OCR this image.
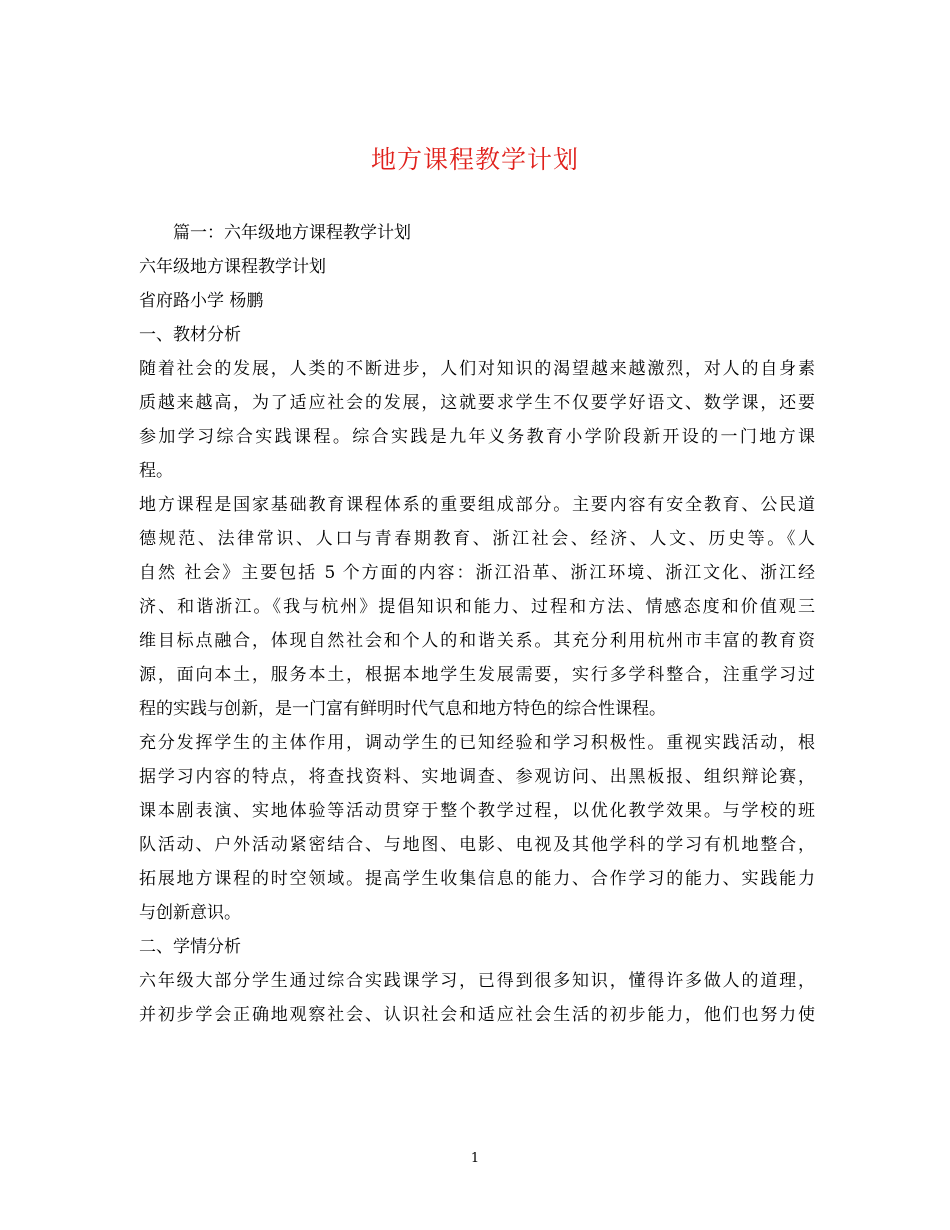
地方课程教学计划
篇一：六年级地方课程教学计划
六年级地方课程教学计划
省府路小学 杨鹏
一、教材分析
随着社会的发展，人类的不断进步，人们对知识的渴望越来越激烈，对人的自身素
质越来越高，为了适应社会的发展，这就要求学生不仅要学好语文、数学课，还要
参加学习综合实践课程。综合实践是九年义务教育小学阶段新开设的一门地方课
程。
地方课程是国家基础教育课程体系的重要组成部分。主要内容有安全教育、公民道
德规范、法律常识、人口与青春期教育、浙江社会、经济、人文、历史等。《人
自然 社会》主要包括 5 个方面的内容：浙江沿革、浙江环境、浙江文化、浙江经
济、和谐浙江。《我与杭州》提倡知识和能力、过程和方法、情感态度和价值观三
维目标点融合，体现自然社会和个人的和谐关系。其充分利用杭州市丰富的教育资
源，面向本土，服务本土，根据本地学生发展需要，实行多学科整合，注重学习过
程的实践与创新，是一门富有鲜明时代气息和地方特色的综合性课程。
充分发挥学生的主体作用，调动学生的已知经验和学习积极性。重视实践活动，根
据学习内容的特点，将查找资料、实地调查、参观访问、出黑板报、组织辩论赛，
课本剧表演、实地体验等活动贯穿于整个教学过程，以优化教学效果。与学校的班
队活动、户外活动紧密结合、与地图、电影、电视及其他学科的学习有机地整合，
拓展地方课程的时空领域。提高学生收集信息的能力、合作学习的能力、实践能力
与创新意识。
二、学情分析
六年级大部分学生通过综合实践课学习，已得到很多知识，懂得许多做人的道理，
并初步学会正确地观察社会、认识社会和适应社会生活的初步能力，他们也努力使
1
